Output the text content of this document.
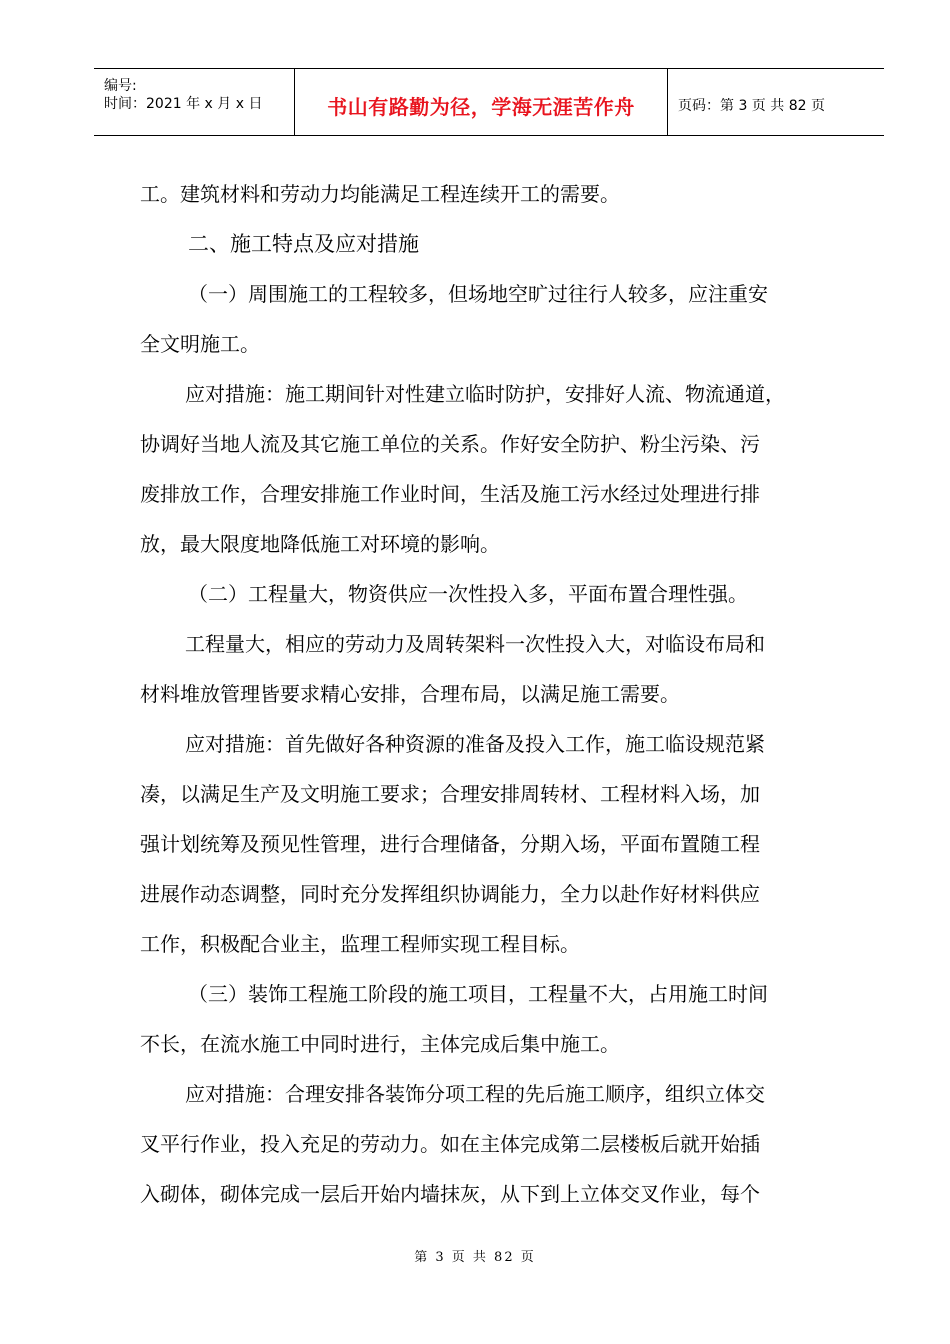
编号:
时间：2021 年 x 月 x 日	书山有路勤为径，学海无涯苦作舟	页码：第 3 页 共 82 页

工。建筑材料和劳动力均能满足工程连续开工的需要。

二、施工特点及应对措施

（一）周围施工的工程较多，但场地空旷过往行人较多，应注重安

全文明施工。

应对措施：施工期间针对性建立临时防护，安排好人流、物流通道，

协调好当地人流及其它施工单位的关系。作好安全防护、粉尘污染、污

废排放工作，合理安排施工作业时间，生活及施工污水经过处理进行排

放，最大限度地降低施工对环境的影响。

（二）工程量大，物资供应一次性投入多，平面布置合理性强。

工程量大，相应的劳动力及周转架料一次性投入大，对临设布局和

材料堆放管理皆要求精心安排，合理布局，以满足施工需要。

应对措施：首先做好各种资源的准备及投入工作，施工临设规范紧

凑，以满足生产及文明施工要求；合理安排周转材、工程材料入场，加

强计划统筹及预见性管理，进行合理储备，分期入场，平面布置随工程

进展作动态调整，同时充分发挥组织协调能力，全力以赴作好材料供应

工作，积极配合业主，监理工程师实现工程目标。

（三）装饰工程施工阶段的施工项目，工程量不大，占用施工时间

不长，在流水施工中同时进行，主体完成后集中施工。

应对措施：合理安排各装饰分项工程的先后施工顺序，组织立体交

叉平行作业，投入充足的劳动力。如在主体完成第二层楼板后就开始插

入砌体，砌体完成一层后开始内墙抹灰，从下到上立体交叉作业，每个

第 3 页 共 82 页
